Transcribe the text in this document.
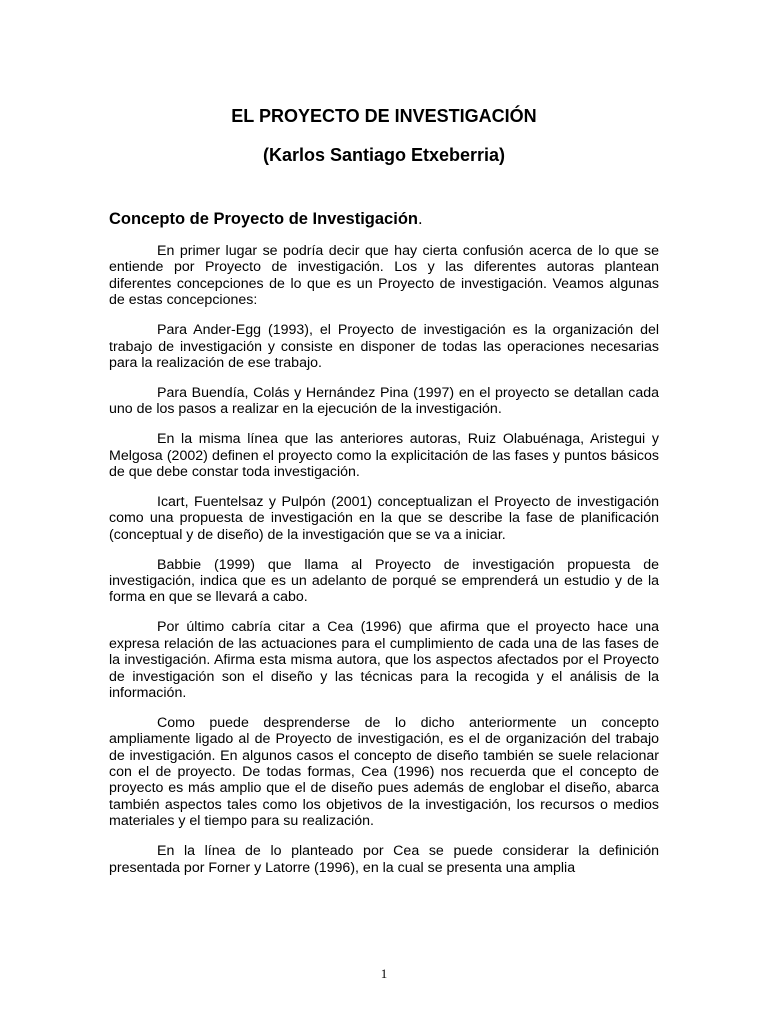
EL PROYECTO DE INVESTIGACIÓN
(Karlos Santiago Etxeberria)
Concepto de Proyecto de Investigación.

En primer lugar se podría decir que hay cierta confusión acerca de lo que se entiende por Proyecto de investigación. Los y las diferentes autoras plantean diferentes concepciones de lo que es un Proyecto de investigación. Veamos algunas de estas concepciones:

Para Ander-Egg (1993), el Proyecto de investigación es la organización del trabajo de investigación y consiste en disponer de todas las operaciones necesarias para la realización de ese trabajo.

Para Buendía, Colás y Hernández Pina (1997) en el proyecto se detallan cada uno de los pasos a realizar en la ejecución de la investigación.

En la misma línea que las anteriores autoras, Ruiz Olabuénaga, Aristegui y Melgosa (2002) definen el proyecto como la explicitación de las fases y puntos básicos de que debe constar toda investigación.

Icart, Fuentelsaz y Pulpón (2001) conceptualizan el Proyecto de investigación como una propuesta de investigación en la que se describe la fase de planificación (conceptual y de diseño) de la investigación que se va a iniciar.

Babbie (1999) que llama al Proyecto de investigación propuesta de investigación, indica que es un adelanto de porqué se emprenderá un estudio y de la forma en que se llevará a cabo.

Por último cabría citar a Cea (1996) que afirma que el proyecto hace una expresa relación de las actuaciones para el cumplimiento de cada una de las fases de la investigación. Afirma esta misma autora, que los aspectos afectados por el Proyecto de investigación son el diseño y las técnicas para la recogida y el análisis de la información.

Como puede desprenderse de lo dicho anteriormente un concepto ampliamente ligado al de Proyecto de investigación, es el de organización del trabajo de investigación. En algunos casos el concepto de diseño también se suele relacionar con el de proyecto. De todas formas, Cea (1996) nos recuerda que el concepto de proyecto es más amplio que el de diseño pues además de englobar el diseño, abarca también aspectos tales como los objetivos de la investigación, los recursos o medios materiales y el tiempo para su realización.

En la línea de lo planteado por Cea se puede considerar la definición presentada por Forner y Latorre (1996), en la cual se presenta una amplia

1
